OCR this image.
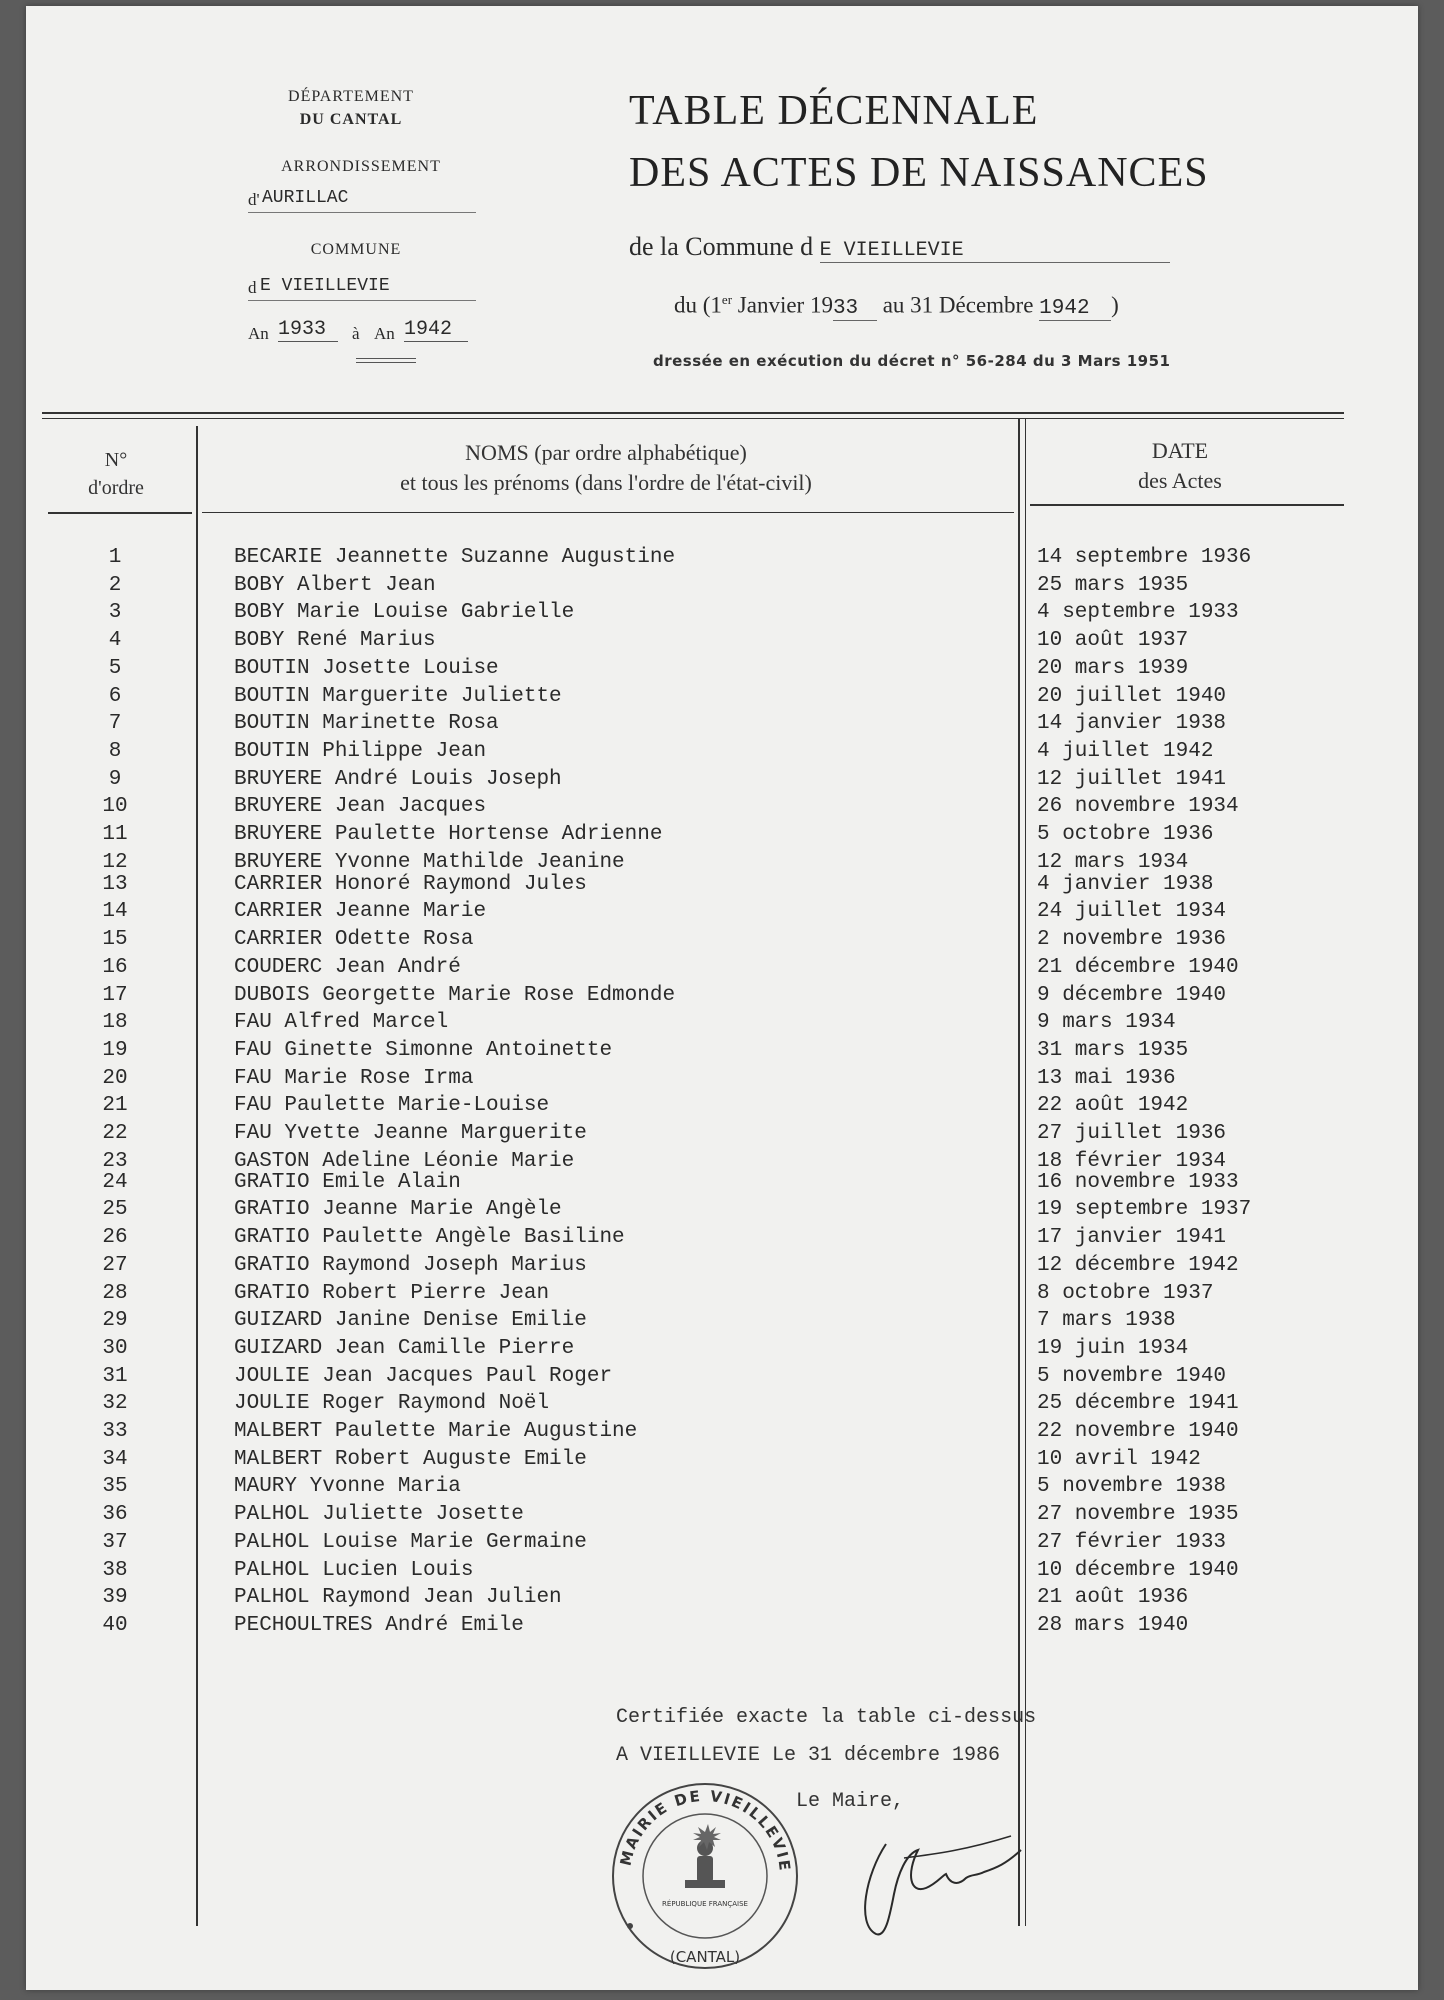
DÉPARTEMENT
DU CANTAL
ARRONDISSEMENT
d' AURILLAC
COMMUNE
d E VIEILLEVIE
An 1933	à An 1942
TABLE DÉCENNALE
DES ACTES DE NAISSANCES
de la Commune d E VIEILLEVIE
du (1er Janvier 1933 au 31 Décembre 1942 )
dressée en exécution du décret n° 56-284 du 3 Mars 1951
N°
d'ordre
NOMS (par ordre alphabétique)
et tous les prénoms (dans l'ordre de l'état-civil)
DATE
des Actes
1	BECARIE Jeannette Suzanne Augustine	14 septembre 1936
2	BOBY Albert Jean	25 mars 1935
3	BOBY Marie Louise Gabrielle	4 septembre 1933
4	BOBY René Marius	10 août 1937
5	BOUTIN Josette Louise	20 mars 1939
6	BOUTIN Marguerite Juliette	20 juillet 1940
7	BOUTIN Marinette Rosa	14 janvier 1938
8	BOUTIN Philippe Jean	4 juillet 1942
9	BRUYERE André Louis Joseph	12 juillet 1941
10	BRUYERE Jean Jacques	26 novembre 1934
11	BRUYERE Paulette Hortense Adrienne	5 octobre 1936
12	BRUYERE Yvonne Mathilde Jeanine	12 mars 1934
13	CARRIER Honoré Raymond Jules	4 janvier 1938
14	CARRIER Jeanne Marie	24 juillet 1934
15	CARRIER Odette Rosa	2 novembre 1936
16	COUDERC Jean André	21 décembre 1940
17	DUBOIS Georgette Marie Rose Edmonde	9 décembre 1940
18	FAU Alfred Marcel	9 mars 1934
19	FAU Ginette Simonne Antoinette	31 mars 1935
20	FAU Marie Rose Irma	13 mai 1936
21	FAU Paulette Marie-Louise	22 août 1942
22	FAU Yvette Jeanne Marguerite	27 juillet 1936
23	GASTON Adeline Léonie Marie	18 février 1934
24	GRATIO Emile Alain	16 novembre 1933
25	GRATIO Jeanne Marie Angèle	19 septembre 1937
26	GRATIO Paulette Angèle Basiline	17 janvier 1941
27	GRATIO Raymond Joseph Marius	12 décembre 1942
28	GRATIO Robert Pierre Jean	8 octobre 1937
29	GUIZARD Janine Denise Emilie	7 mars 1938
30	GUIZARD Jean Camille Pierre	19 juin 1934
31	JOULIE Jean Jacques Paul Roger	5 novembre 1940
32	JOULIE Roger Raymond Noël	25 décembre 1941
33	MALBERT Paulette Marie Augustine	22 novembre 1940
34	MALBERT Robert Auguste Emile	10 avril 1942
35	MAURY Yvonne Maria	5 novembre 1938
36	PALHOL Juliette Josette	27 novembre 1935
37	PALHOL Louise Marie Germaine	27 février 1933
38	PALHOL Lucien Louis	10 décembre 1940
39	PALHOL Raymond Jean Julien	21 août 1936
40	PECHOULTRES André Emile	28 mars 1940
Certifiée exacte la table ci-dessus
A VIEILLEVIE Le 31 décembre 1986
Le Maire,
MAIRIE DE VIEILLEVIE
(CANTAL)
RÉPUBLIQUE FRANÇAISE
